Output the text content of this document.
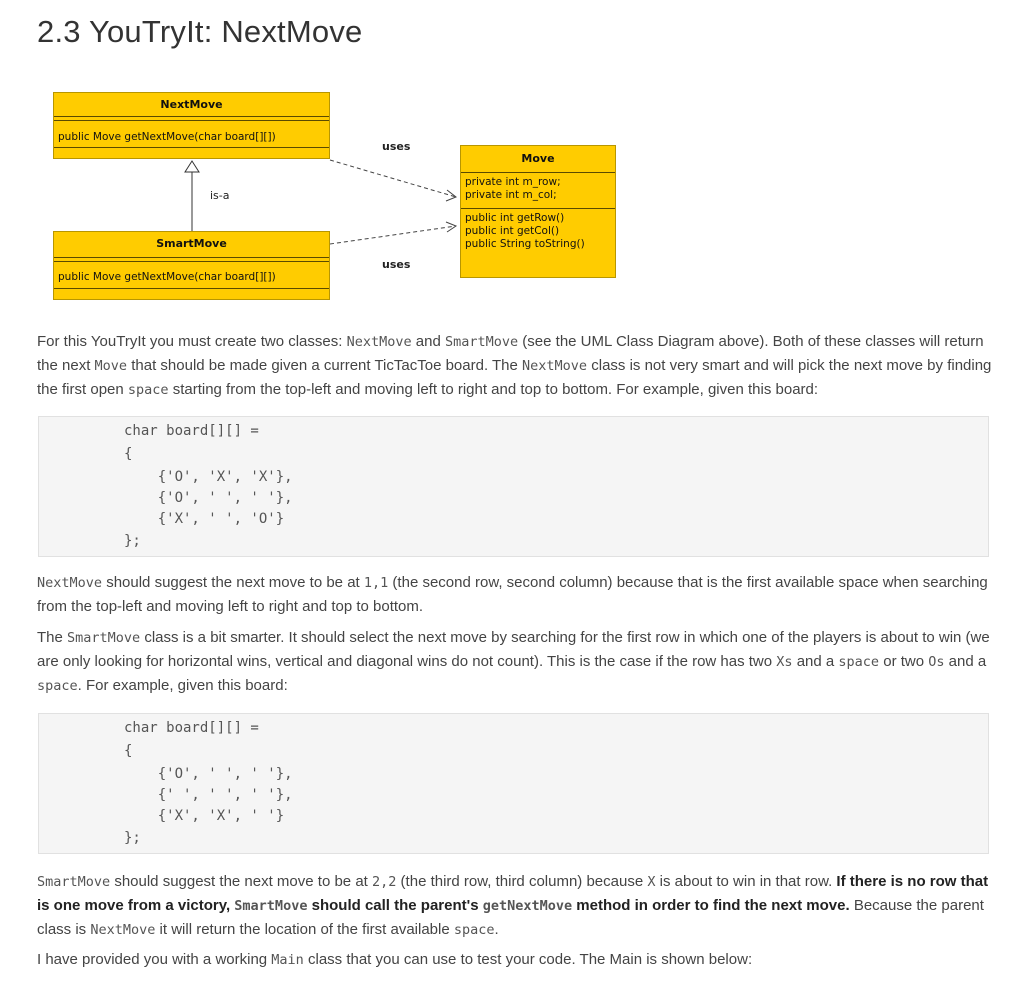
2.3 YouTryIt: NextMove
NextMove
public Move getNextMove(char board[][])
is-a
SmartMove
public Move getNextMove(char board[][])
uses
uses
Move
private int m_row;
private int m_col;
public int getRow()
public int getCol()
public String toString()

For this YouTryIt you must create two classes: NextMove and SmartMove (see the UML Class Diagram above). Both of these classes will return the next Move that should be made given a current TicTacToe board. The NextMove class is not very smart and will pick the next move by finding the first open space starting from the top-left and moving left to right and top to bottom. For example, given this board:

char board[][] =
{
{'O', 'X', 'X'},
{'O', ' ', ' '},
{'X', ' ', 'O'}
};

NextMove should suggest the next move to be at 1,1 (the second row, second column) because that is the first available space when searching from the top-left and moving left to right and top to bottom.

The SmartMove class is a bit smarter. It should select the next move by searching for the first row in which one of the players is about to win (we are only looking for horizontal wins, vertical and diagonal wins do not count). This is the case if the row has two Xs and a space or two Os and a space. For example, given this board:

char board[][] =
{
{'O', ' ', ' '},
{' ', ' ', ' '},
{'X', 'X', ' '}
};

SmartMove should suggest the next move to be at 2,2 (the third row, third column) because X is about to win in that row. If there is no row that is one move from a victory, SmartMove should call the parent's getNextMove method in order to find the next move. Because the parent class is NextMove it will return the location of the first available space.

I have provided you with a working Main class that you can use to test your code. The Main is shown below:
